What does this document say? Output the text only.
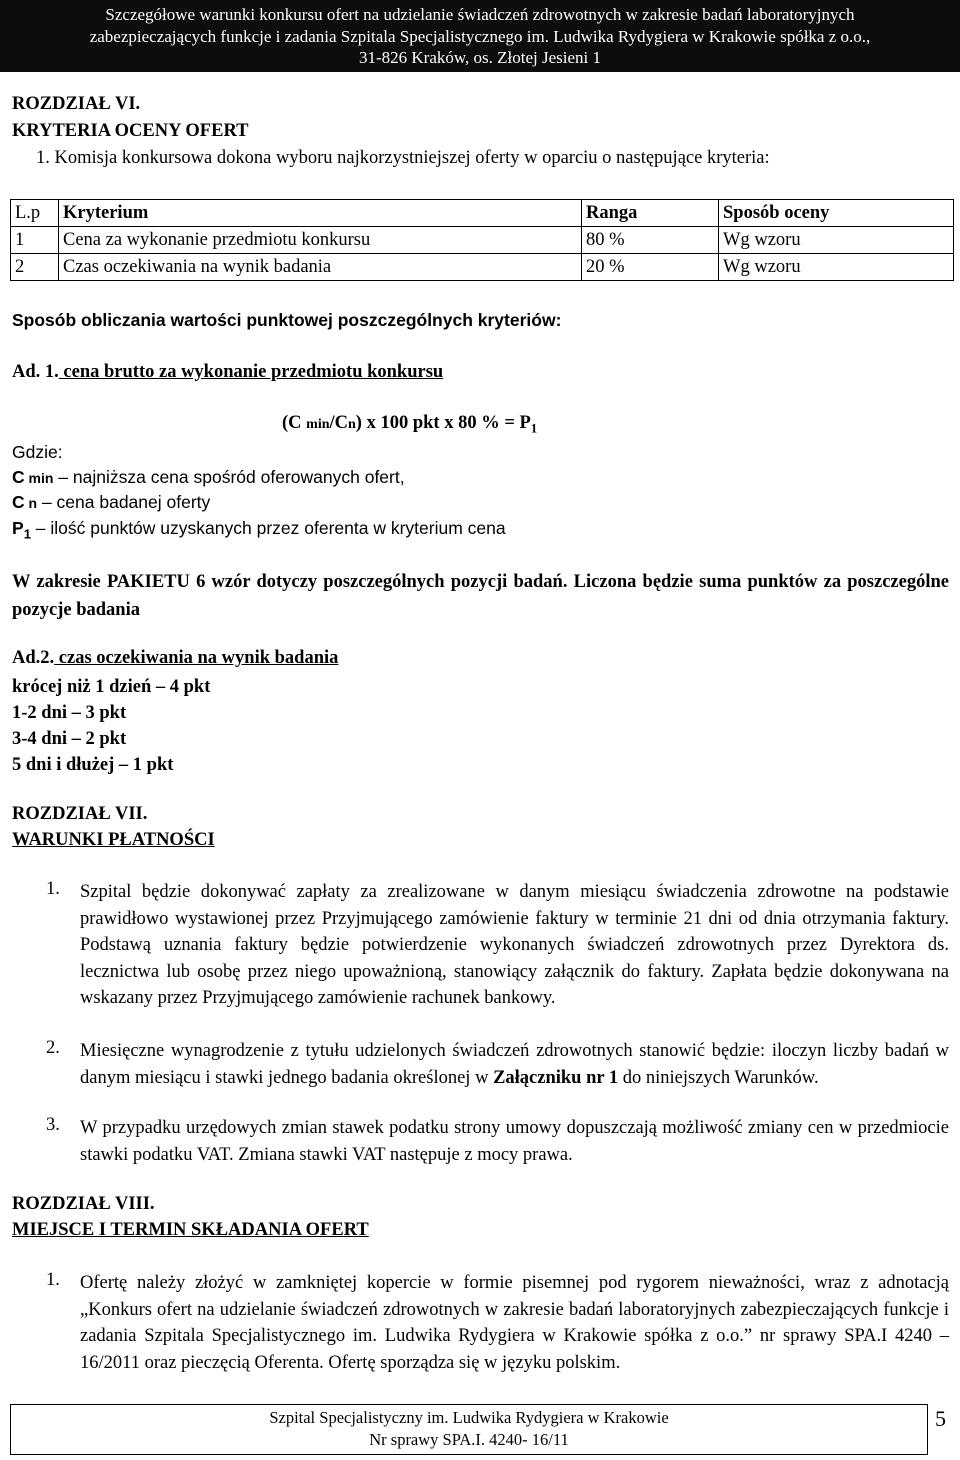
Szczegółowe warunki konkursu ofert na udzielanie świadczeń zdrowotnych w zakresie badań laboratoryjnych
zabezpieczających funkcje i zadania Szpitala Specjalistycznego im. Ludwika Rydygiera w Krakowie spółka z o.o.,
31-826 Kraków, os. Złotej Jesieni 1
ROZDZIAŁ VI.
KRYTERIA OCENY OFERT
1. Komisja konkursowa dokona wyboru najkorzystniejszej oferty w oparciu o następujące kryteria:
L.p	Kryterium	Ranga	Sposób oceny
1	Cena za wykonanie przedmiotu konkursu	80 %	Wg wzoru
2	Czas oczekiwania na wynik badania	20 %	Wg wzoru
Sposób obliczania wartości punktowej poszczególnych kryteriów:
Ad. 1. cena brutto za wykonanie przedmiotu konkursu
(C min/Cn) x 100 pkt x 80 % = $P_1$
Gdzie:
C min – najniższa cena spośród oferowanych ofert,
C n – cena badanej oferty
$P_1$ – ilość punktów uzyskanych przez oferenta w kryterium cena
W zakresie PAKIETU 6 wzór dotyczy poszczególnych pozycji badań. Liczona będzie suma punktów za poszczególne pozycje badania
Ad.2. czas oczekiwania na wynik badania
krócej niż 1 dzień – 4 pkt
1-2 dni – 3 pkt
3-4 dni – 2 pkt
5 dni i dłużej – 1 pkt
ROZDZIAŁ VII.
WARUNKI PŁATNOŚCI
1. Szpital będzie dokonywać zapłaty za zrealizowane w danym miesiącu świadczenia zdrowotne na podstawie prawidłowo wystawionej przez Przyjmującego zamówienie faktury w terminie 21 dni od dnia otrzymania faktury. Podstawą uznania faktury będzie potwierdzenie wykonanych świadczeń zdrowotnych przez Dyrektora ds. lecznictwa lub osobę przez niego upoważnioną, stanowiący załącznik do faktury. Zapłata będzie dokonywana na wskazany przez Przyjmującego zamówienie rachunek bankowy.
2. Miesięczne wynagrodzenie z tytułu udzielonych świadczeń zdrowotnych stanowić będzie: iloczyn liczby badań w danym miesiącu i stawki jednego badania określonej w Załączniku nr 1 do niniejszych Warunków.
3. W przypadku urzędowych zmian stawek podatku strony umowy dopuszczają możliwość zmiany cen w przedmiocie stawki podatku VAT. Zmiana stawki VAT następuje z mocy prawa.
ROZDZIAŁ VIII.
MIEJSCE I TERMIN SKŁADANIA OFERT
1. Ofertę należy złożyć w zamkniętej kopercie w formie pisemnej pod rygorem nieważności, wraz z adnotacją „Konkurs ofert na udzielanie świadczeń zdrowotnych w zakresie badań laboratoryjnych zabezpieczających funkcje i zadania Szpitala Specjalistycznego im. Ludwika Rydygiera w Krakowie spółka z o.o.” nr sprawy SPA.I 4240 – 16/2011 oraz pieczęcią Oferenta. Ofertę sporządza się w języku polskim.
Szpital Specjalistyczny im. Ludwika Rydygiera w Krakowie
Nr sprawy SPA.I. 4240- 16/11
5
